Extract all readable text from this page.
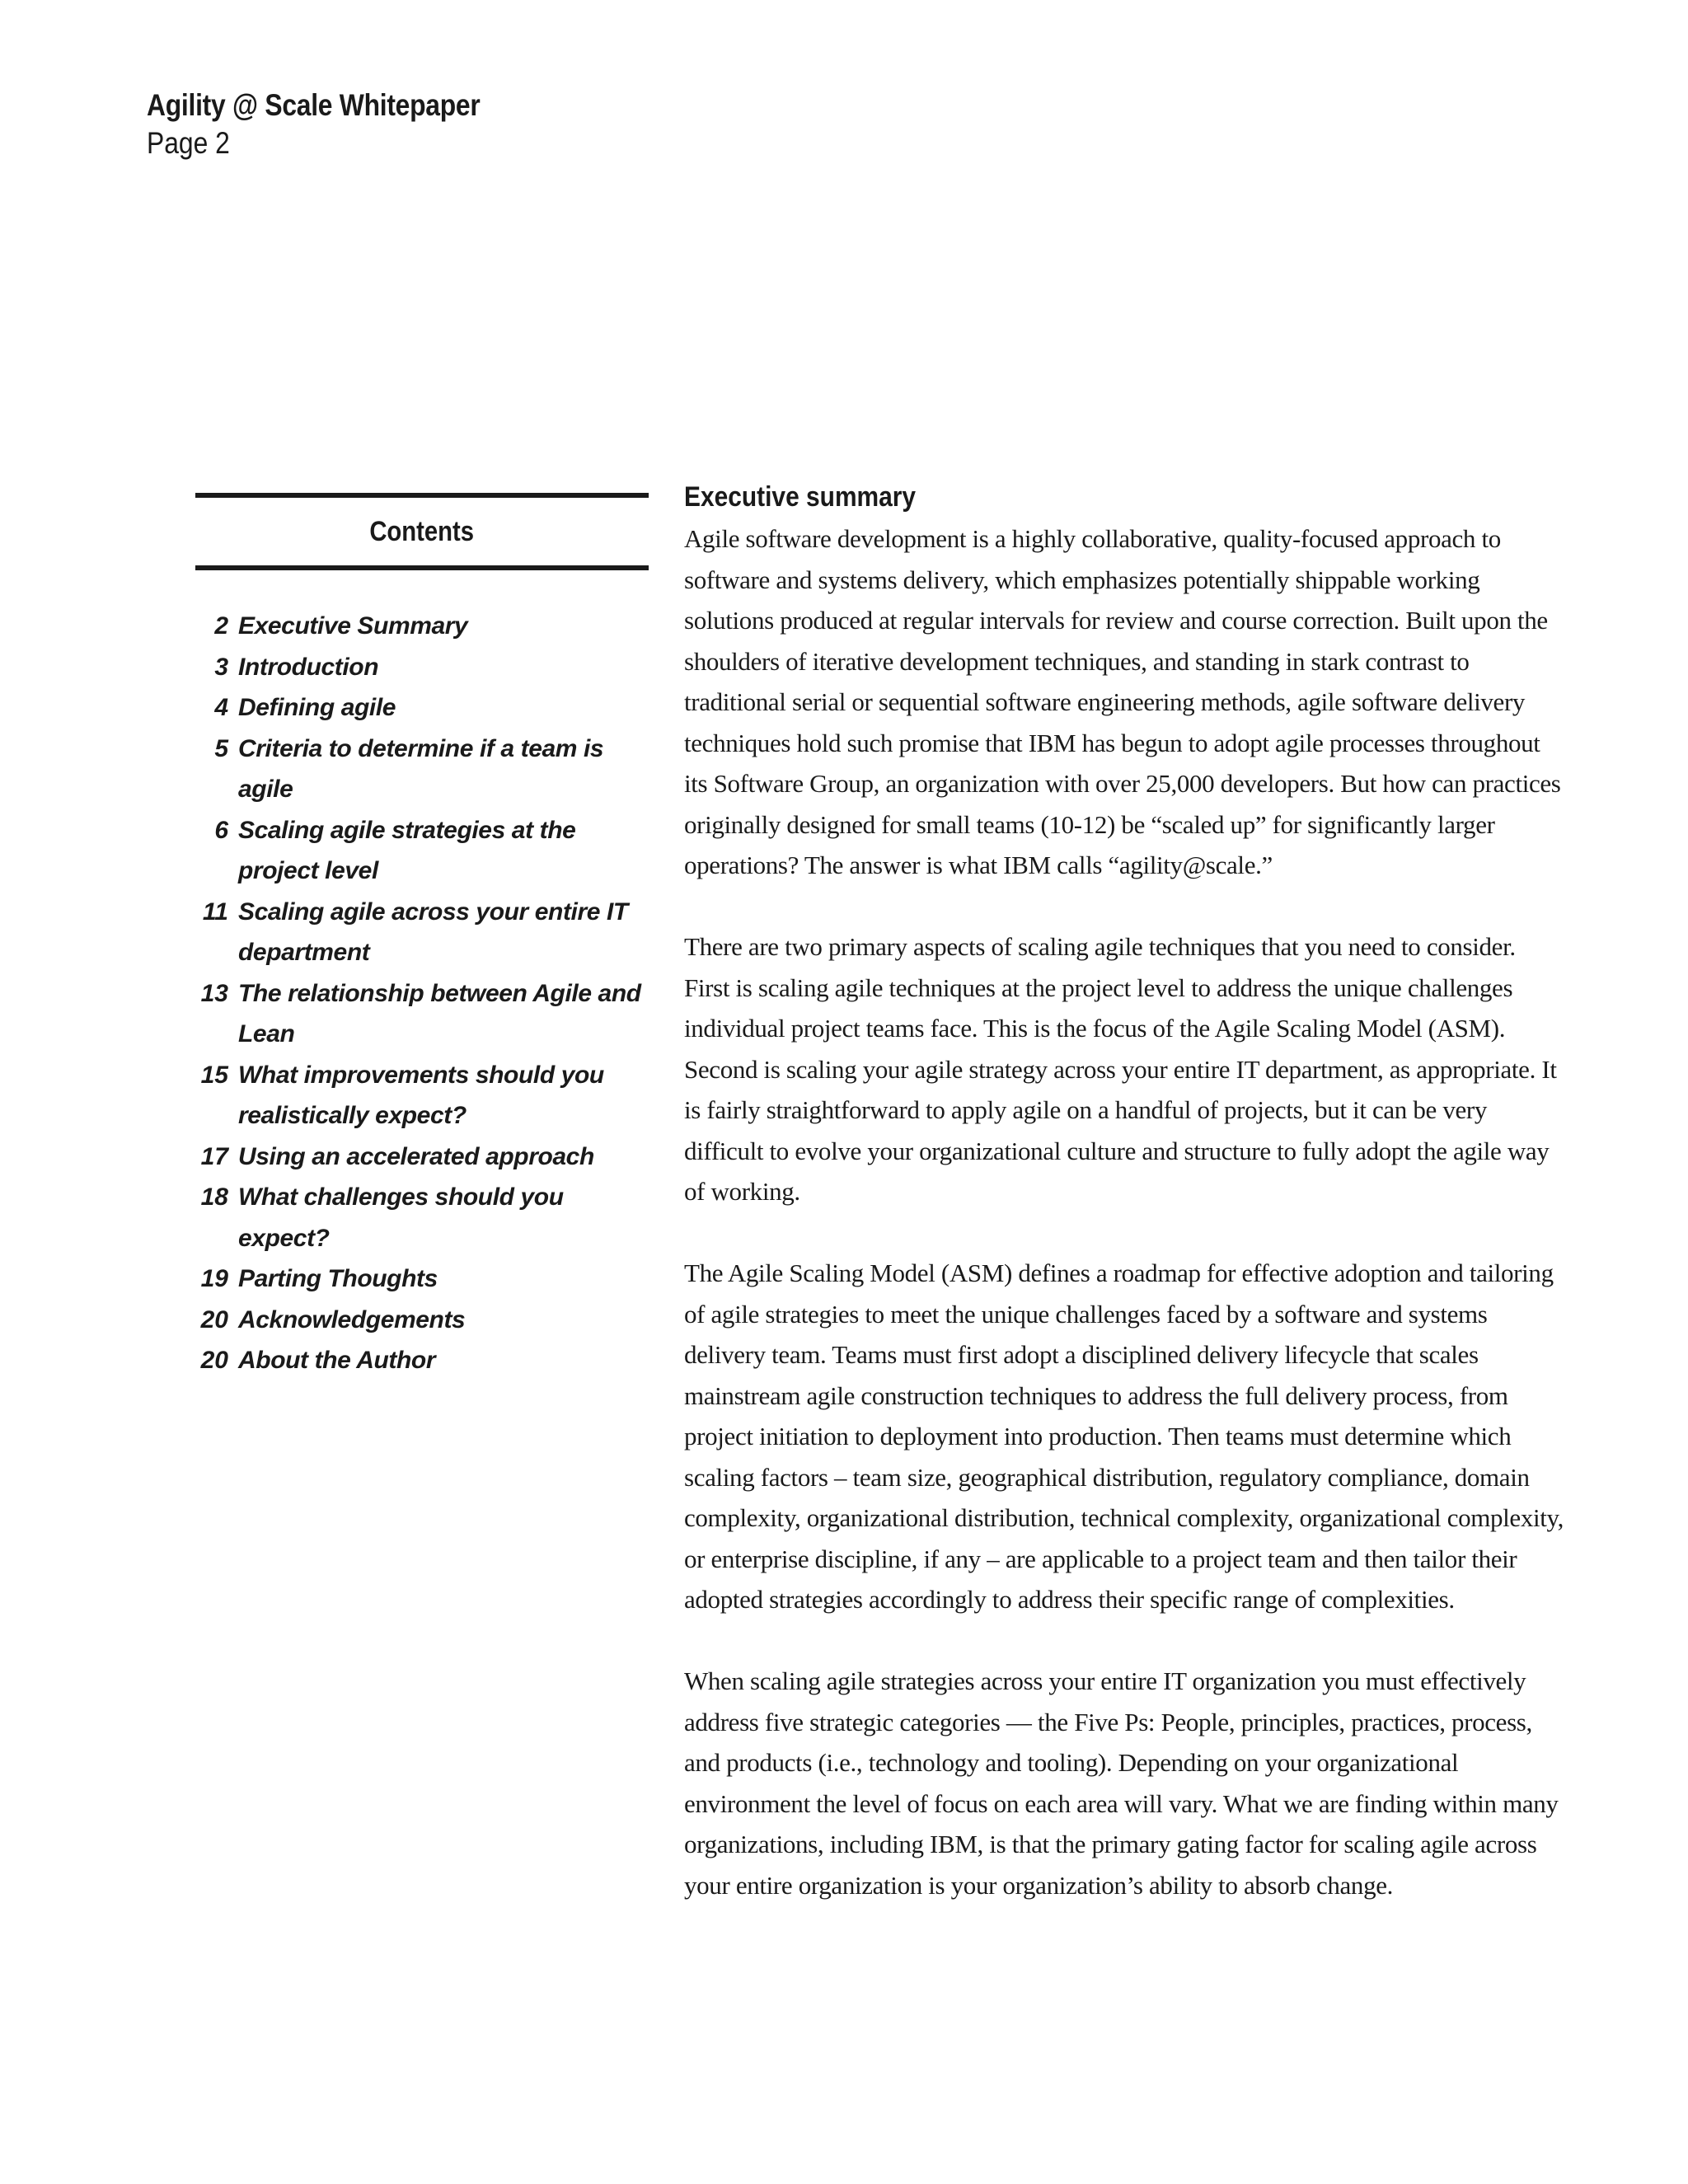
Agility @ Scale Whitepaper
Page 2
Contents
2 Executive Summary
3 Introduction
4 Defining agile
5 Criteria to determine if a team is agile
6 Scaling agile strategies at the project level
11 Scaling agile across your entire IT department
13 The relationship between Agile and Lean
15 What improvements should you realistically expect?
17 Using an accelerated approach
18 What challenges should you expect?
19 Parting Thoughts
20 Acknowledgements
20 About the Author
Executive summary

Agile software development is a highly collaborative, quality-focused approach to software and systems delivery, which emphasizes potentially shippable working solutions produced at regular intervals for review and course correction. Built upon the shoulders of iterative development techniques, and standing in stark contrast to traditional serial or sequential software engineering methods, agile software delivery techniques hold such promise that IBM has begun to adopt agile processes throughout its Software Group, an organization with over 25,000 developers. But how can practices originally designed for small teams (10-12) be “scaled up” for significantly larger operations? The answer is what IBM calls “agility@scale.”

There are two primary aspects of scaling agile techniques that you need to consider. First is scaling agile techniques at the project level to address the unique challenges individual project teams face. This is the focus of the Agile Scaling Model (ASM). Second is scaling your agile strategy across your entire IT department, as appropriate. It is fairly straightforward to apply agile on a handful of projects, but it can be very difficult to evolve your organizational culture and structure to fully adopt the agile way of working.

The Agile Scaling Model (ASM) defines a roadmap for effective adoption and tailoring of agile strategies to meet the unique challenges faced by a software and systems delivery team. Teams must first adopt a disciplined delivery lifecycle that scales mainstream agile construction techniques to address the full delivery process, from project initiation to deployment into production. Then teams must determine which scaling factors – team size, geographical distribution, regulatory compliance, domain complexity, organizational distribution, technical complexity, organizational complexity, or enterprise discipline, if any – are applicable to a project team and then tailor their adopted strategies accordingly to address their specific range of complexities.

When scaling agile strategies across your entire IT organization you must effectively address five strategic categories — the Five Ps: People, principles, practices, process, and products (i.e., technology and tooling). Depending on your organizational environment the level of focus on each area will vary. What we are finding within many organizations, including IBM, is that the primary gating factor for scaling agile across your entire organization is your organization’s ability to absorb change.
